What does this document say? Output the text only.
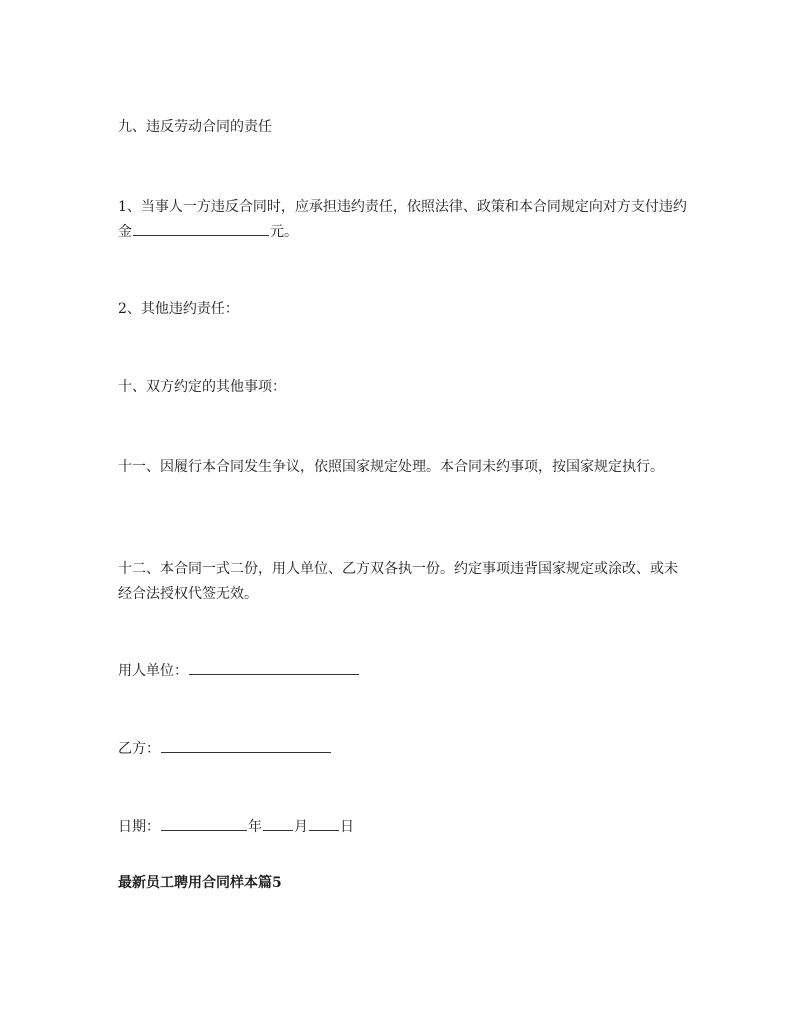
九、违反劳动合同的责任
1、当事人一方违反合同时，应承担违约责任，依照法律、政策和本合同规定向对方支付违约金	元。
2、其他违约责任：
十、双方约定的其他事项：
十一、因履行本合同发生争议，依照国家规定处理。本合同未约事项，按国家规定执行。
十二、本合同一式二份，用人单位、乙方双各执一份。约定事项违背国家规定或涂改、或未经合法授权代签无效。
用人单位：
乙方：
日期：	年 月 日
最新员工聘用合同样本篇5
